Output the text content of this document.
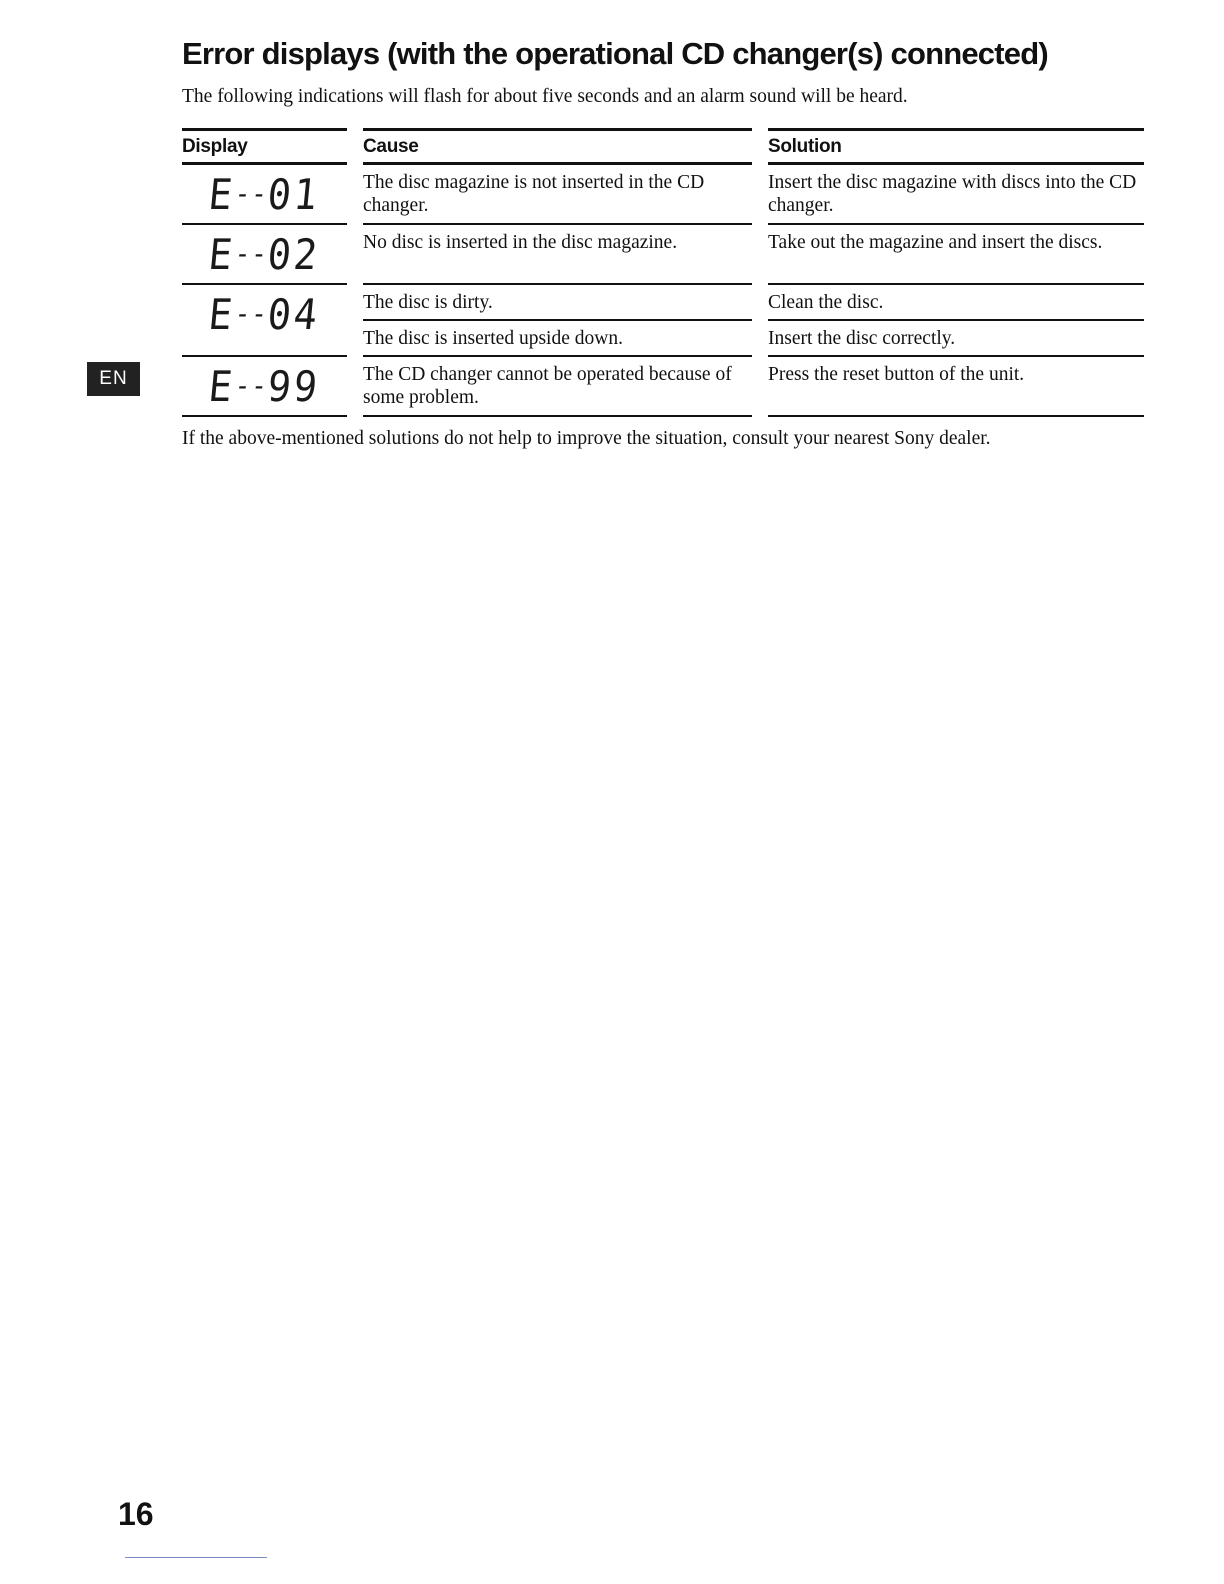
EN
Error displays (with the operational CD changer(s) connected)

The following indications will flash for about five seconds and an alarm sound will be heard.

Display		Cause		Solution
E--01		The disc magazine is not inserted in the CD changer.		Insert the disc magazine with discs into the CD changer.
E--02		No disc is inserted in the disc magazine.		Take out the magazine and insert the discs.
E--04		The disc is dirty.		Clean the disc.
		The disc is inserted upside down.		Insert the disc correctly.
E--99		The CD changer cannot be operated because of some problem.		Press the reset button of the unit.

If the above-mentioned solutions do not help to improve the situation, consult your nearest Sony dealer.

16
